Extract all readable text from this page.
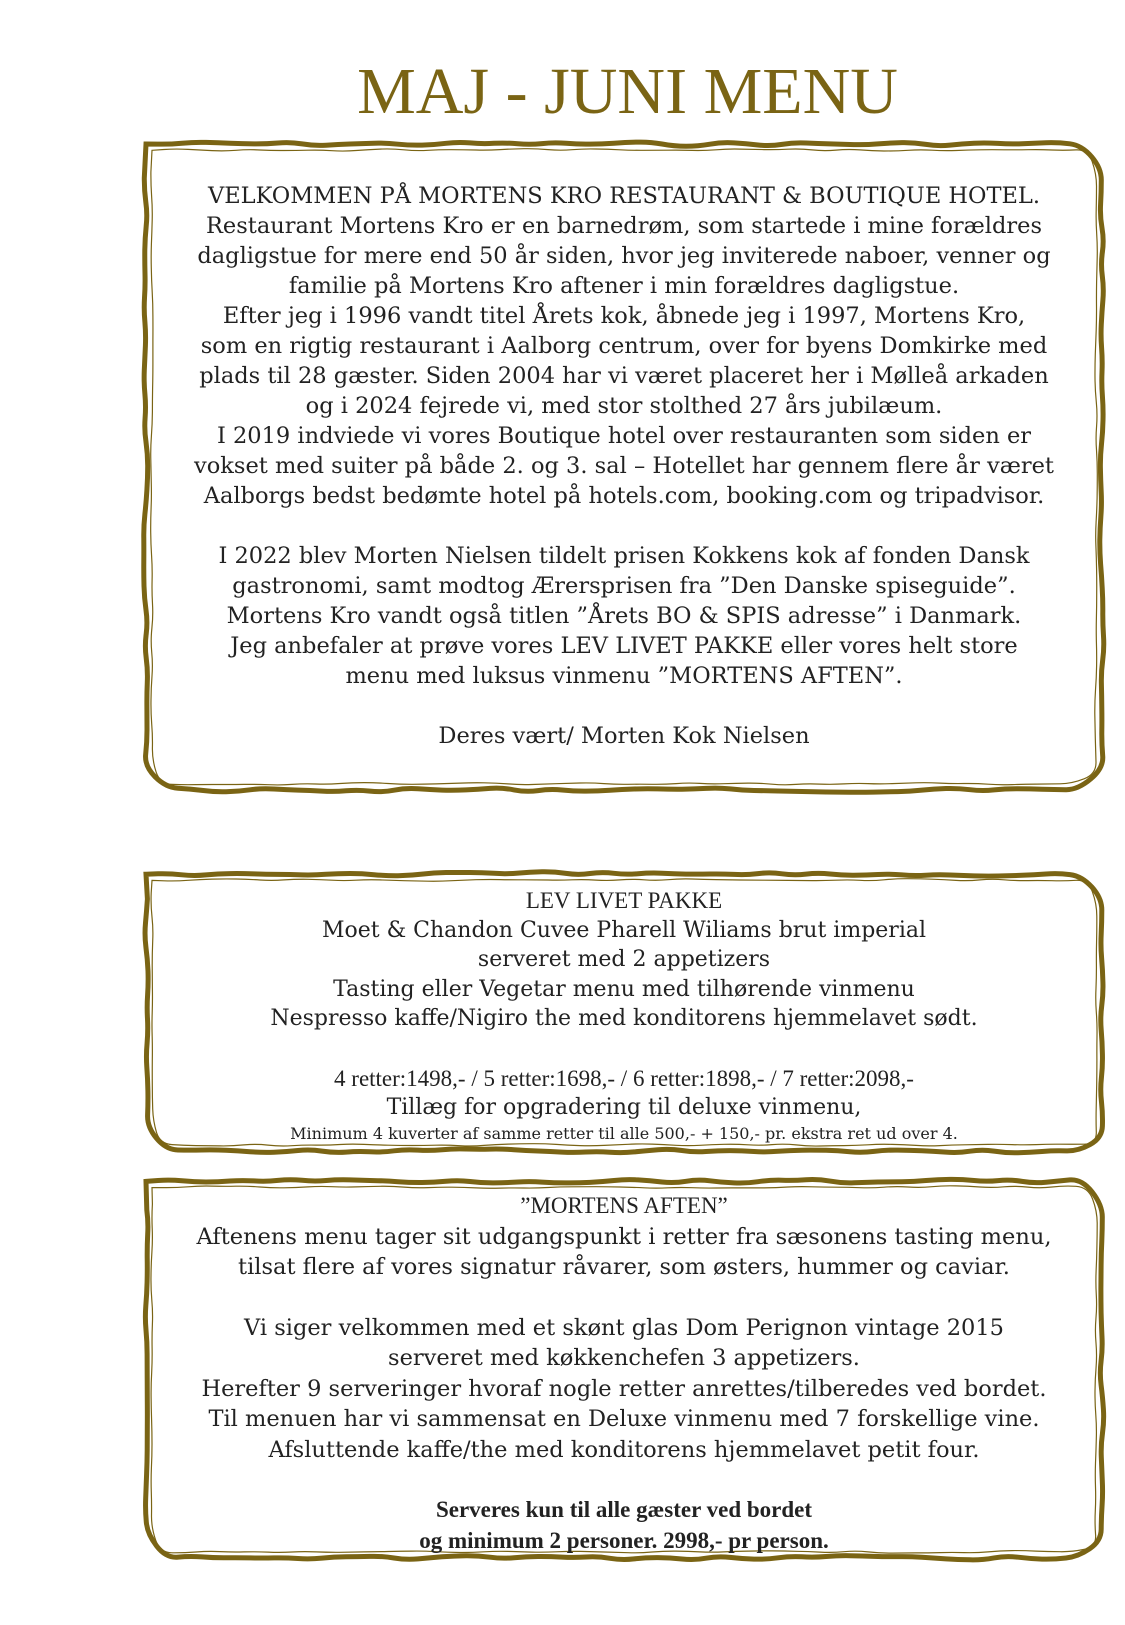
MAJ - JUNI MENU
VELKOMMEN PÅ MORTENS KRO RESTAURANT & BOUTIQUE HOTEL.
Restaurant Mortens Kro er en barnedrøm, som startede i mine forældres
dagligstue for mere end 50 år siden, hvor jeg inviterede naboer, venner og
familie på Mortens Kro aftener i min forældres dagligstue.
Efter jeg i 1996 vandt titel Årets kok, åbnede jeg i 1997, Mortens Kro,
som en rigtig restaurant i Aalborg centrum, over for byens Domkirke med
plads til 28 gæster. Siden 2004 har vi været placeret her i Mølleå arkaden
og i 2024 fejrede vi, med stor stolthed 27 års jubilæum.
I 2019 indviede vi vores Boutique hotel over restauranten som siden er
vokset med suiter på både 2. og 3. sal – Hotellet har gennem flere år været
Aalborgs bedst bedømte hotel på hotels.com, booking.com og tripadvisor.
I 2022 blev Morten Nielsen tildelt prisen Kokkens kok af fonden Dansk
gastronomi, samt modtog Ærersprisen fra ”Den Danske spiseguide”.
Mortens Kro vandt også titlen ”Årets BO & SPIS adresse” i Danmark.
Jeg anbefaler at prøve vores LEV LIVET PAKKE eller vores helt store
menu med luksus vinmenu ”MORTENS AFTEN”.
Deres vært/ Morten Kok Nielsen
LEV LIVET PAKKE
Moet & Chandon Cuvee Pharell Wiliams brut imperial
serveret med 2 appetizers
Tasting eller Vegetar menu med tilhørende vinmenu
Nespresso kaffe/Nigiro the med konditorens hjemmelavet sødt.
4 retter:1498,- / 5 retter:1698,- / 6 retter:1898,- / 7 retter:2098,-
Tillæg for opgradering til deluxe vinmenu,
Minimum 4 kuverter af samme retter til alle 500,- + 150,- pr. ekstra ret ud over 4.
”MORTENS AFTEN”
Aftenens menu tager sit udgangspunkt i retter fra sæsonens tasting menu,
tilsat flere af vores signatur råvarer, som østers, hummer og caviar.
Vi siger velkommen med et skønt glas Dom Perignon vintage 2015
serveret med køkkenchefen 3 appetizers.
Herefter 9 serveringer hvoraf nogle retter anrettes/tilberedes ved bordet.
Til menuen har vi sammensat en Deluxe vinmenu med 7 forskellige vine.
Afsluttende kaffe/the med konditorens hjemmelavet petit four.
Serveres kun til alle gæster ved bordet
og minimum 2 personer. 2998,- pr person.
